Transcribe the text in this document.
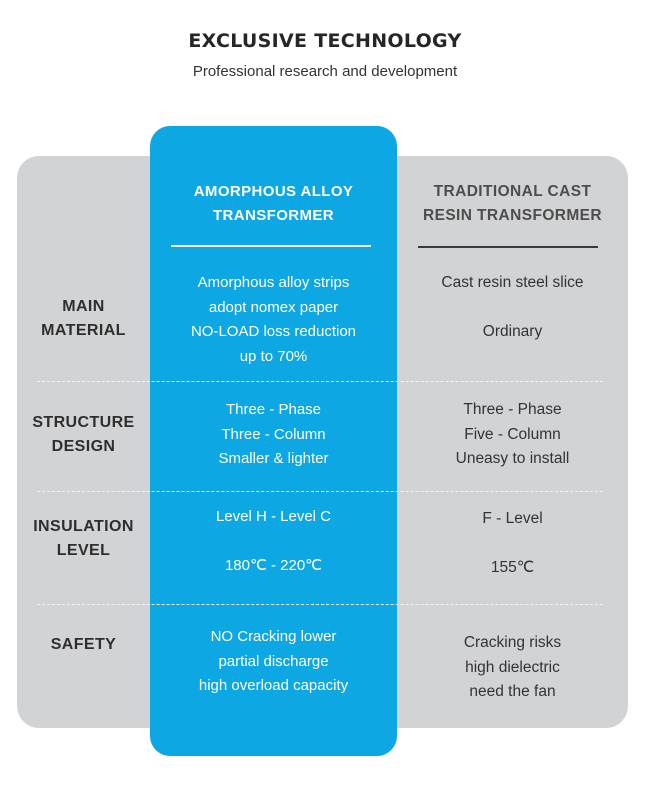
EXCLUSIVE TECHNOLOGY
Professional research and development
AMORPHOUS ALLOY
TRANSFORMER
TRADITIONAL CAST
RESIN TRANSFORMER
MAIN
MATERIAL
Amorphous alloy strips
adopt nomex paper
NO-LOAD loss reduction
up to 70%
Cast resin steel slice

Ordinary
STRUCTURE
DESIGN
Three - Phase
Three - Column
Smaller & lighter
Three - Phase
Five - Column
Uneasy to install
INSULATION
LEVEL
Level H - Level C

180℃ - 220℃
F - Level

155℃
SAFETY	NO Cracking lower
partial discharge
high overload capacity
Cracking risks
high dielectric
need the fan
